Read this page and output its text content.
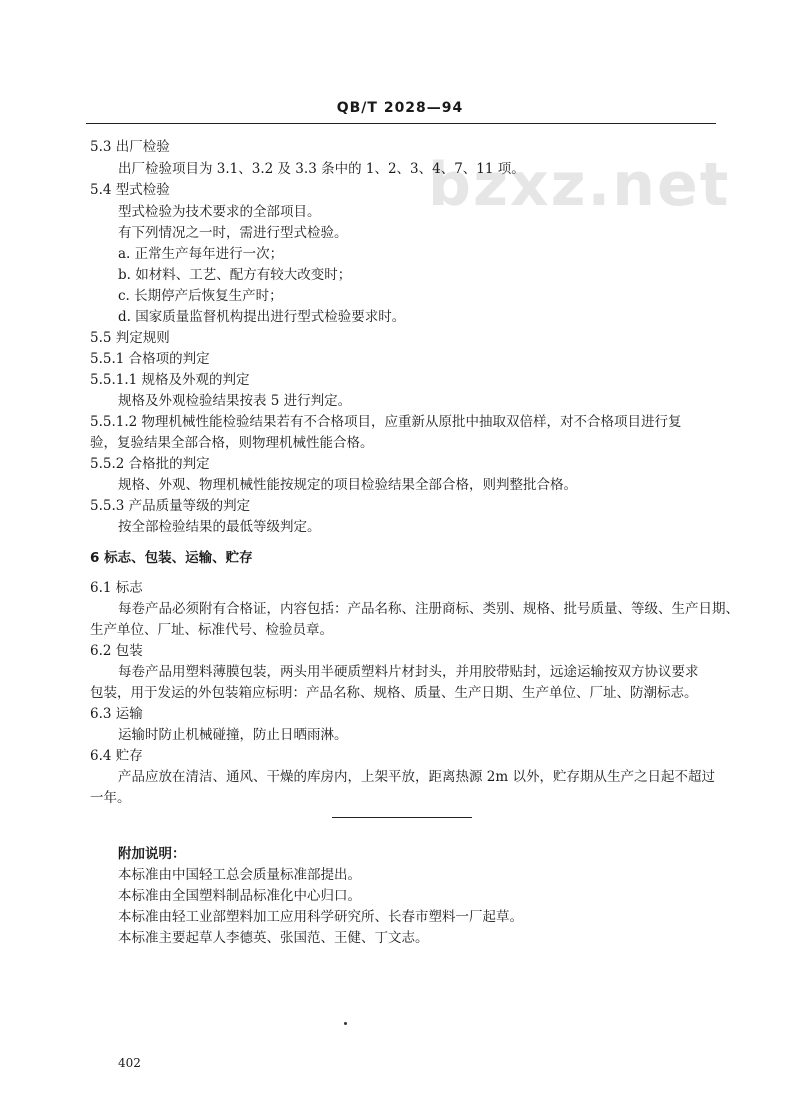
bzxz.net
QB/T 2028—94
5.3 出厂检验
出厂检验项目为 3.1、3.2 及 3.3 条中的 1、2、3、4、7、11 项。
5.4 型式检验
型式检验为技术要求的全部项目。
有下列情况之一时，需进行型式检验。
a. 正常生产每年进行一次；
b. 如材料、工艺、配方有较大改变时；
c. 长期停产后恢复生产时；
d. 国家质量监督机构提出进行型式检验要求时。
5.5 判定规则
5.5.1 合格项的判定
5.5.1.1 规格及外观的判定
规格及外观检验结果按表 5 进行判定。
5.5.1.2 物理机械性能检验结果若有不合格项目，应重新从原批中抽取双倍样，对不合格项目进行复
验，复验结果全部合格，则物理机械性能合格。
5.5.2 合格批的判定
规格、外观、物理机械性能按规定的项目检验结果全部合格，则判整批合格。
5.5.3 产品质量等级的判定
按全部检验结果的最低等级判定。
6 标志、包装、运输、贮存
6.1 标志
每卷产品必须附有合格证，内容包括：产品名称、注册商标、类别、规格、批号质量、等级、生产日期、
生产单位、厂址、标准代号、检验员章。
6.2 包装
每卷产品用塑料薄膜包装，两头用半硬质塑料片材封头，并用胶带贴封，远途运输按双方协议要求
包装，用于发运的外包装箱应标明：产品名称、规格、质量、生产日期、生产单位、厂址、防潮标志。
6.3 运输
运输时防止机械碰撞，防止日晒雨淋。
6.4 贮存
产品应放在清洁、通风、干燥的库房内，上架平放，距离热源 2m 以外，贮存期从生产之日起不超过
一年。
附加说明：
本标准由中国轻工总会质量标准部提出。
本标准由全国塑料制品标准化中心归口。
本标准由轻工业部塑料加工应用科学研究所、长春市塑料一厂起草。
本标准主要起草人李德英、张国范、王健、丁文志。
402
